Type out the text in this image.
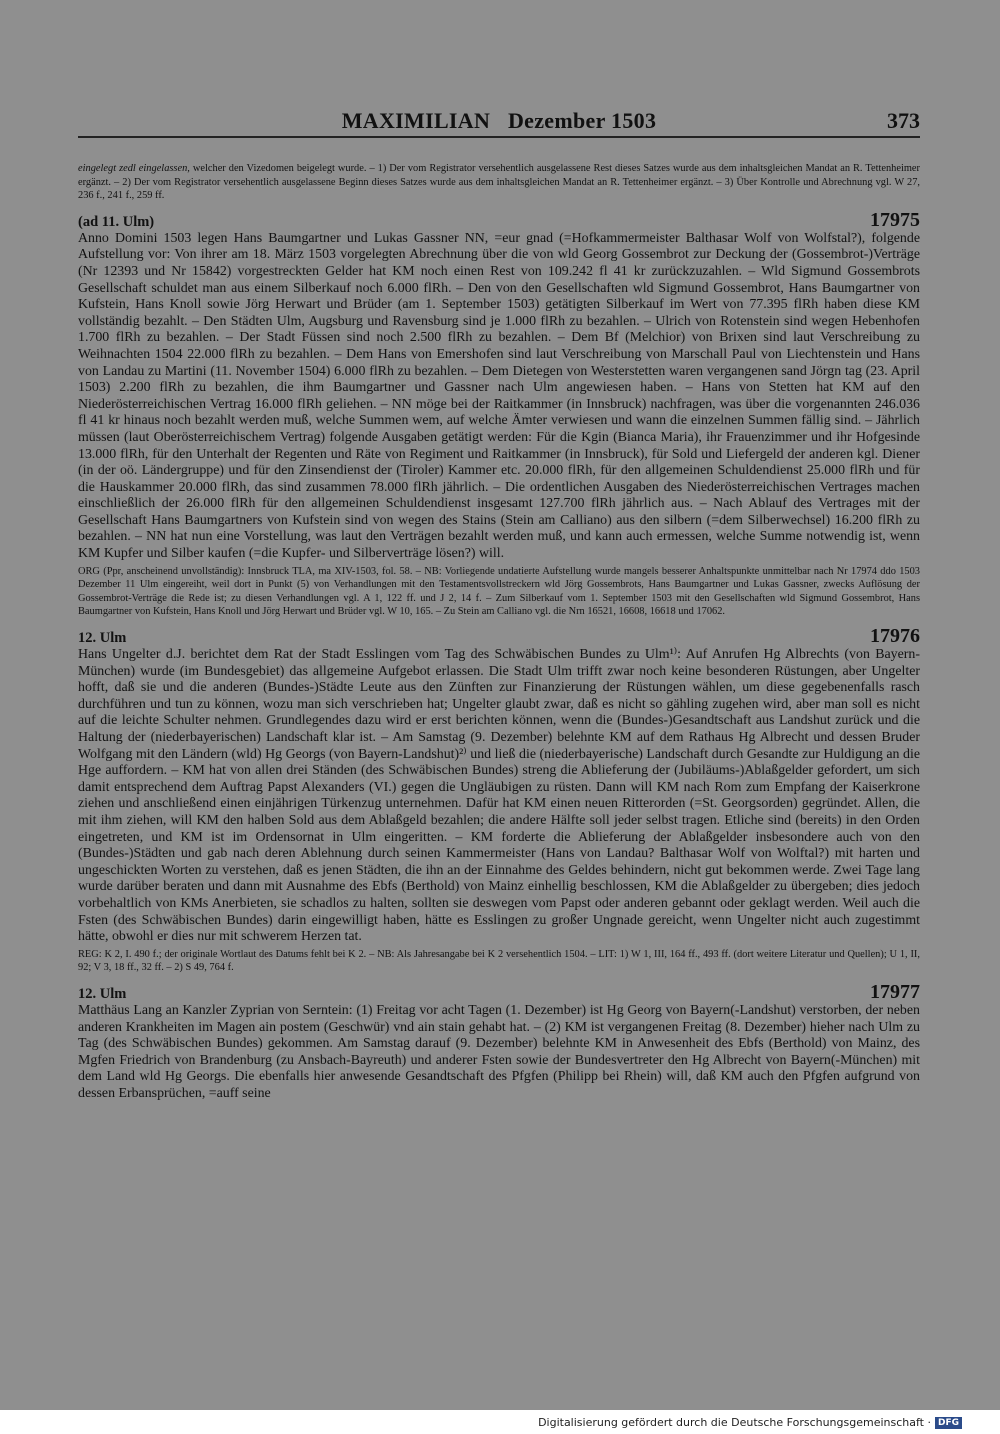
MAXIMILIAN Dezember 1503	373

eingelegt zedl eingelassen, welcher den Vizedomen beigelegt wurde. – 1) Der vom Registrator versehentlich ausgelassene Rest dieses Satzes wurde aus dem inhaltsgleichen Mandat an R. Tettenheimer ergänzt. – 2) Der vom Registrator versehentlich ausgelassene Beginn dieses Satzes wurde aus dem inhaltsgleichen Mandat an R. Tettenheimer ergänzt. – 3) Über Kontrolle und Abrechnung vgl. W 27, 236 f., 241 f., 259 ff.

(ad 11. Ulm)	17975

Anno Domini 1503 legen Hans Baumgartner und Lukas Gassner NN, =eur gnad (=Hofkammermeister Balthasar Wolf von Wolfstal?), folgende Aufstellung vor: Von ihrer am 18. März 1503 vorgelegten Abrechnung über die von wld Georg Gossembrot zur Deckung der (Gossembrot-)Verträge (Nr 12393 und Nr 15842) vorgestreckten Gelder hat KM noch einen Rest von 109.242 fl 41 kr zurückzuzahlen. – Wld Sigmund Gossembrots Gesellschaft schuldet man aus einem Silberkauf noch 6.000 flRh. – Den von den Gesellschaften wld Sigmund Gossembrot, Hans Baumgartner von Kufstein, Hans Knoll sowie Jörg Herwart und Brüder (am 1. September 1503) getätigten Silberkauf im Wert von 77.395 flRh haben diese KM vollständig bezahlt. – Den Städten Ulm, Augsburg und Ravensburg sind je 1.000 flRh zu bezahlen. – Ulrich von Rotenstein sind wegen Hebenhofen 1.700 flRh zu bezahlen. – Der Stadt Füssen sind noch 2.500 flRh zu bezahlen. – Dem Bf (Melchior) von Brixen sind laut Verschreibung zu Weihnachten 1504 22.000 flRh zu bezahlen. – Dem Hans von Emershofen sind laut Verschreibung von Marschall Paul von Liechtenstein und Hans von Landau zu Martini (11. November 1504) 6.000 flRh zu bezahlen. – Dem Dietegen von Westerstetten waren vergangenen sand Jörgn tag (23. April 1503) 2.200 flRh zu bezahlen, die ihm Baumgartner und Gassner nach Ulm angewiesen haben. – Hans von Stetten hat KM auf den Niederösterreichischen Vertrag 16.000 flRh geliehen. – NN möge bei der Raitkammer (in Innsbruck) nachfragen, was über die vorgenannten 246.036 fl 41 kr hinaus noch bezahlt werden muß, welche Summen wem, auf welche Ämter verwiesen und wann die einzelnen Summen fällig sind. – Jährlich müssen (laut Oberösterreichischem Vertrag) folgende Ausgaben getätigt werden: Für die Kgin (Bianca Maria), ihr Frauenzimmer und ihr Hofgesinde 13.000 flRh, für den Unterhalt der Regenten und Räte von Regiment und Raitkammer (in Innsbruck), für Sold und Liefergeld der anderen kgl. Diener (in der oö. Ländergruppe) und für den Zinsendienst der (Tiroler) Kammer etc. 20.000 flRh, für den allgemeinen Schuldendienst 25.000 flRh und für die Hauskammer 20.000 flRh, das sind zusammen 78.000 flRh jährlich. – Die ordentlichen Ausgaben des Niederösterreichischen Vertrages machen einschließlich der 26.000 flRh für den allgemeinen Schuldendienst insgesamt 127.700 flRh jährlich aus. – Nach Ablauf des Vertrages mit der Gesellschaft Hans Baumgartners von Kufstein sind von wegen des Stains (Stein am Calliano) aus den silbern (=dem Silberwechsel) 16.200 flRh zu bezahlen. – NN hat nun eine Vorstellung, was laut den Verträgen bezahlt werden muß, und kann auch ermessen, welche Summe notwendig ist, wenn KM Kupfer und Silber kaufen (=die Kupfer- und Silberverträge lösen?) will.

ORG (Ppr, anscheinend unvollständig): Innsbruck TLA, ma XIV-1503, fol. 58. – NB: Vorliegende undatierte Aufstellung wurde mangels besserer Anhaltspunkte unmittelbar nach Nr 17974 ddo 1503 Dezember 11 Ulm eingereiht, weil dort in Punkt (5) von Verhandlungen mit den Testamentsvollstreckern wld Jörg Gossembrots, Hans Baumgartner und Lukas Gassner, zwecks Auflösung der Gossembrot-Verträge die Rede ist; zu diesen Verhandlungen vgl. A 1, 122 ff. und J 2, 14 f. – Zum Silberkauf vom 1. September 1503 mit den Gesellschaften wld Sigmund Gossembrot, Hans Baumgartner von Kufstein, Hans Knoll und Jörg Herwart und Brüder vgl. W 10, 165. – Zu Stein am Calliano vgl. die Nrn 16521, 16608, 16618 und 17062.

12. Ulm	17976

Hans Ungelter d.J. berichtet dem Rat der Stadt Esslingen vom Tag des Schwäbischen Bundes zu Ulm¹⁾: Auf Anrufen Hg Albrechts (von Bayern-München) wurde (im Bundesgebiet) das allgemeine Aufgebot erlassen. Die Stadt Ulm trifft zwar noch keine besonderen Rüstungen, aber Ungelter hofft, daß sie und die anderen (Bundes-)Städte Leute aus den Zünften zur Finanzierung der Rüstungen wählen, um diese gegebenenfalls rasch durchführen und tun zu können, wozu man sich verschrieben hat; Ungelter glaubt zwar, daß es nicht so gähling zugehen wird, aber man soll es nicht auf die leichte Schulter nehmen. Grundlegendes dazu wird er erst berichten können, wenn die (Bundes-)Gesandtschaft aus Landshut zurück und die Haltung der (niederbayerischen) Landschaft klar ist. – Am Samstag (9. Dezember) belehnte KM auf dem Rathaus Hg Albrecht und dessen Bruder Wolfgang mit den Ländern (wld) Hg Georgs (von Bayern-Landshut)²⁾ und ließ die (niederbayerische) Landschaft durch Gesandte zur Huldigung an die Hge auffordern. – KM hat von allen drei Ständen (des Schwäbischen Bundes) streng die Ablieferung der (Jubiläums-)Ablaßgelder gefordert, um sich damit entsprechend dem Auftrag Papst Alexanders (VI.) gegen die Ungläubigen zu rüsten. Dann will KM nach Rom zum Empfang der Kaiserkrone ziehen und anschließend einen einjährigen Türkenzug unternehmen. Dafür hat KM einen neuen Ritterorden (=St. Georgsorden) gegründet. Allen, die mit ihm ziehen, will KM den halben Sold aus dem Ablaßgeld bezahlen; die andere Hälfte soll jeder selbst tragen. Etliche sind (bereits) in den Orden eingetreten, und KM ist im Ordensornat in Ulm eingeritten. – KM forderte die Ablieferung der Ablaßgelder insbesondere auch von den (Bundes-)Städten und gab nach deren Ablehnung durch seinen Kammermeister (Hans von Landau? Balthasar Wolf von Wolftal?) mit harten und ungeschickten Worten zu verstehen, daß es jenen Städten, die ihn an der Einnahme des Geldes behindern, nicht gut bekommen werde. Zwei Tage lang wurde darüber beraten und dann mit Ausnahme des Ebfs (Berthold) von Mainz einhellig beschlossen, KM die Ablaßgelder zu übergeben; dies jedoch vorbehaltlich von KMs Anerbieten, sie schadlos zu halten, sollten sie deswegen vom Papst oder anderen gebannt oder geklagt werden. Weil auch die Fsten (des Schwäbischen Bundes) darin eingewilligt haben, hätte es Esslingen zu großer Ungnade gereicht, wenn Ungelter nicht auch zugestimmt hätte, obwohl er dies nur mit schwerem Herzen tat.

REG: K 2, I. 490 f.; der originale Wortlaut des Datums fehlt bei K 2. – NB: Als Jahresangabe bei K 2 versehentlich 1504. – LIT: 1) W 1, III, 164 ff., 493 ff. (dort weitere Literatur und Quellen); U 1, II, 92; V 3, 18 ff., 32 ff. – 2) S 49, 764 f.

12. Ulm	17977

Matthäus Lang an Kanzler Zyprian von Serntein: (1) Freitag vor acht Tagen (1. Dezember) ist Hg Georg von Bayern(-Landshut) verstorben, der neben anderen Krankheiten im Magen ain postem (Geschwür) vnd ain stain gehabt hat. – (2) KM ist vergangenen Freitag (8. Dezember) hieher nach Ulm zu Tag (des Schwäbischen Bundes) gekommen. Am Samstag darauf (9. Dezember) belehnte KM in Anwesenheit des Ebfs (Berthold) von Mainz, des Mgfen Friedrich von Brandenburg (zu Ansbach-Bayreuth) und anderer Fsten sowie der Bundesvertreter den Hg Albrecht von Bayern(-München) mit dem Land wld Hg Georgs. Die ebenfalls hier anwesende Gesandtschaft des Pfgfen (Philipp bei Rhein) will, daß KM auch den Pfgfen aufgrund von dessen Erbansprüchen, =auff seine

Digitalisierung gefördert durch die Deutsche Forschungsgemeinschaft · DFG
